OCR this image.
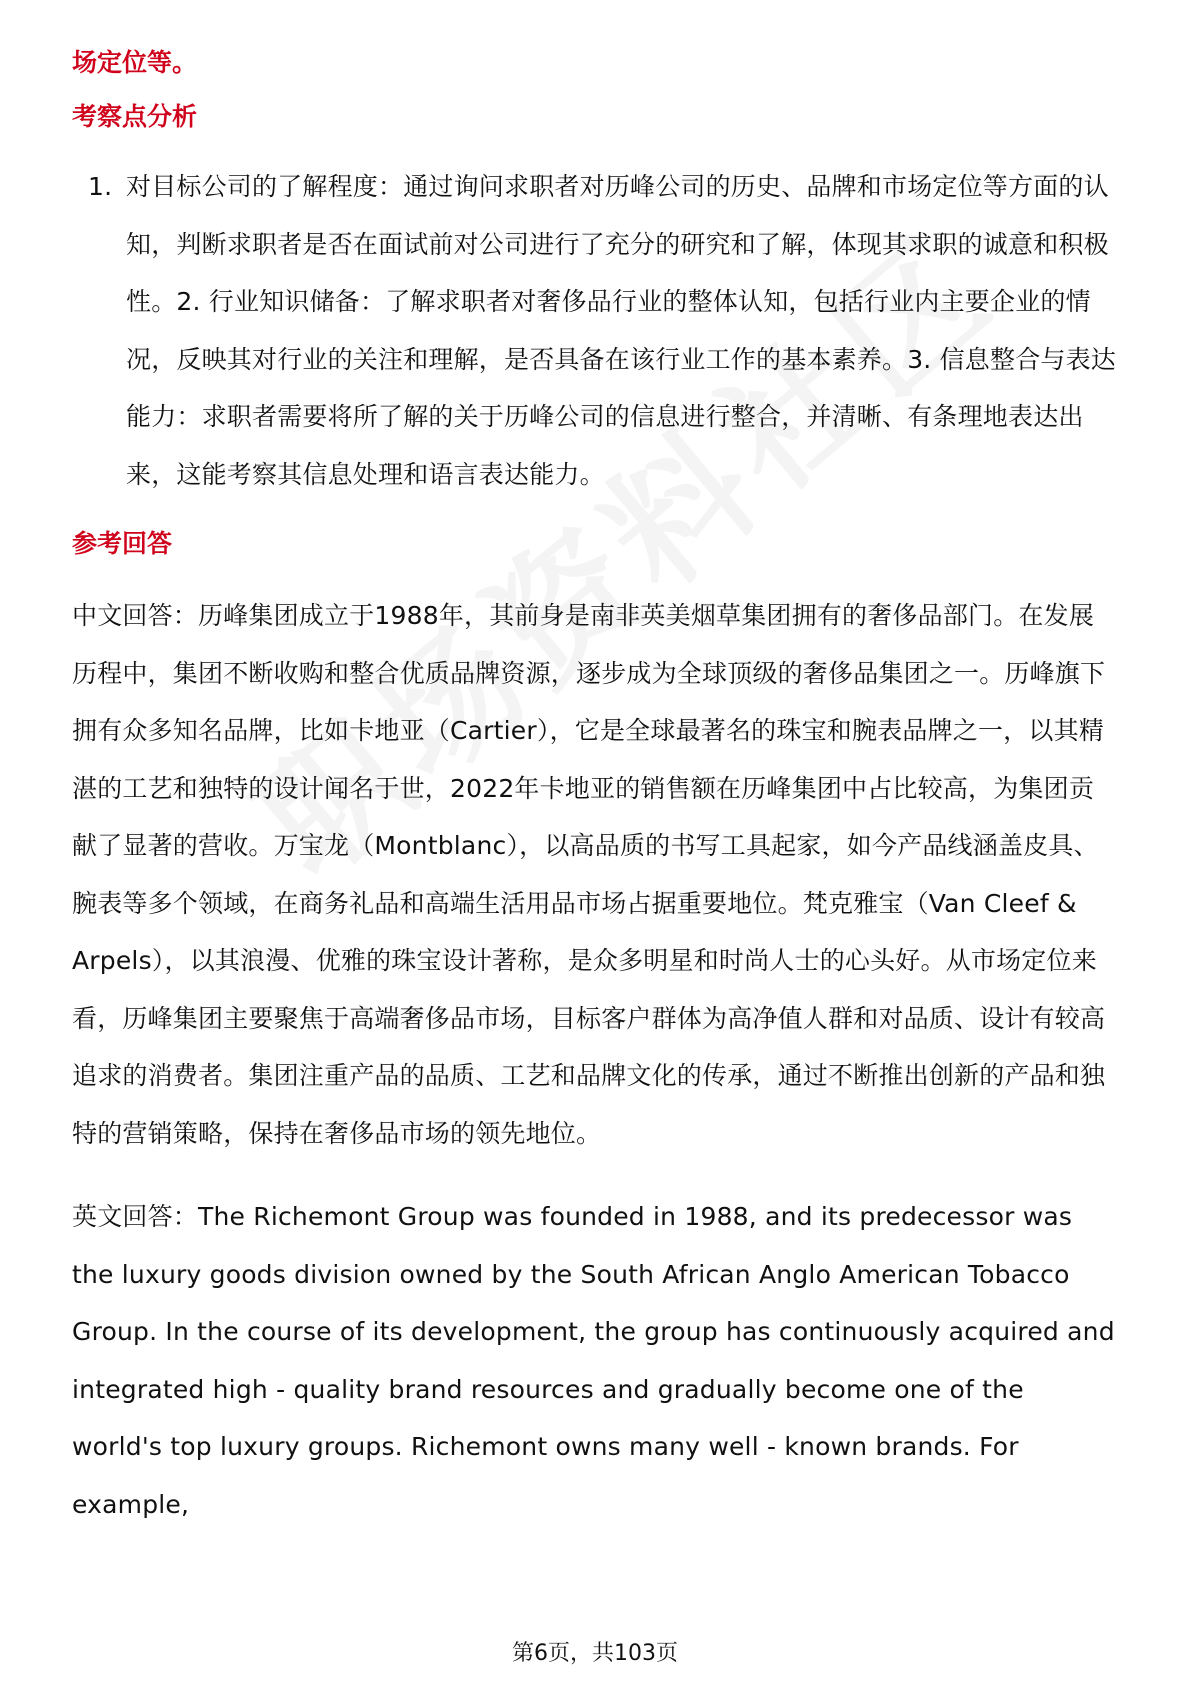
场定位等。

考察点分析

1. 对目标公司的了解程度：通过询问求职者对历峰公司的历史、品牌和市场定位等方面的认知，判断求职者是否在面试前对公司进行了充分的研究和了解，体现其求职的诚意和积极性。2. 行业知识储备：了解求职者对奢侈品行业的整体认知，包括行业内主要企业的情况，反映其对行业的关注和理解，是否具备在该行业工作的基本素养。3. 信息整合与表达能力：求职者需要将所了解的关于历峰公司的信息进行整合，并清晰、有条理地表达出来，这能考察其信息处理和语言表达能力。

参考回答

中文回答：历峰集团成立于1988年，其前身是南非英美烟草集团拥有的奢侈品部门。在发展历程中，集团不断收购和整合优质品牌资源，逐步成为全球顶级的奢侈品集团之一。历峰旗下拥有众多知名品牌，比如卡地亚（Cartier），它是全球最著名的珠宝和腕表品牌之一，以其精湛的工艺和独特的设计闻名于世，2022年卡地亚的销售额在历峰集团中占比较高，为集团贡献了显著的营收。万宝龙（Montblanc），以高品质的书写工具起家，如今产品线涵盖皮具、腕表等多个领域，在商务礼品和高端生活用品市场占据重要地位。梵克雅宝（Van Cleef & Arpels），以其浪漫、优雅的珠宝设计著称，是众多明星和时尚人士的心头好。从市场定位来看，历峰集团主要聚焦于高端奢侈品市场，目标客户群体为高净值人群和对品质、设计有较高追求的消费者。集团注重产品的品质、工艺和品牌文化的传承，通过不断推出创新的产品和独特的营销策略，保持在奢侈品市场的领先地位。

英文回答：The Richemont Group was founded in 1988, and its predecessor was the luxury goods division owned by the South African Anglo American Tobacco Group. In the course of its development, the group has continuously acquired and integrated high - quality brand resources and gradually become one of the world's top luxury groups. Richemont owns many well - known brands. For example,

第6页，共103页
